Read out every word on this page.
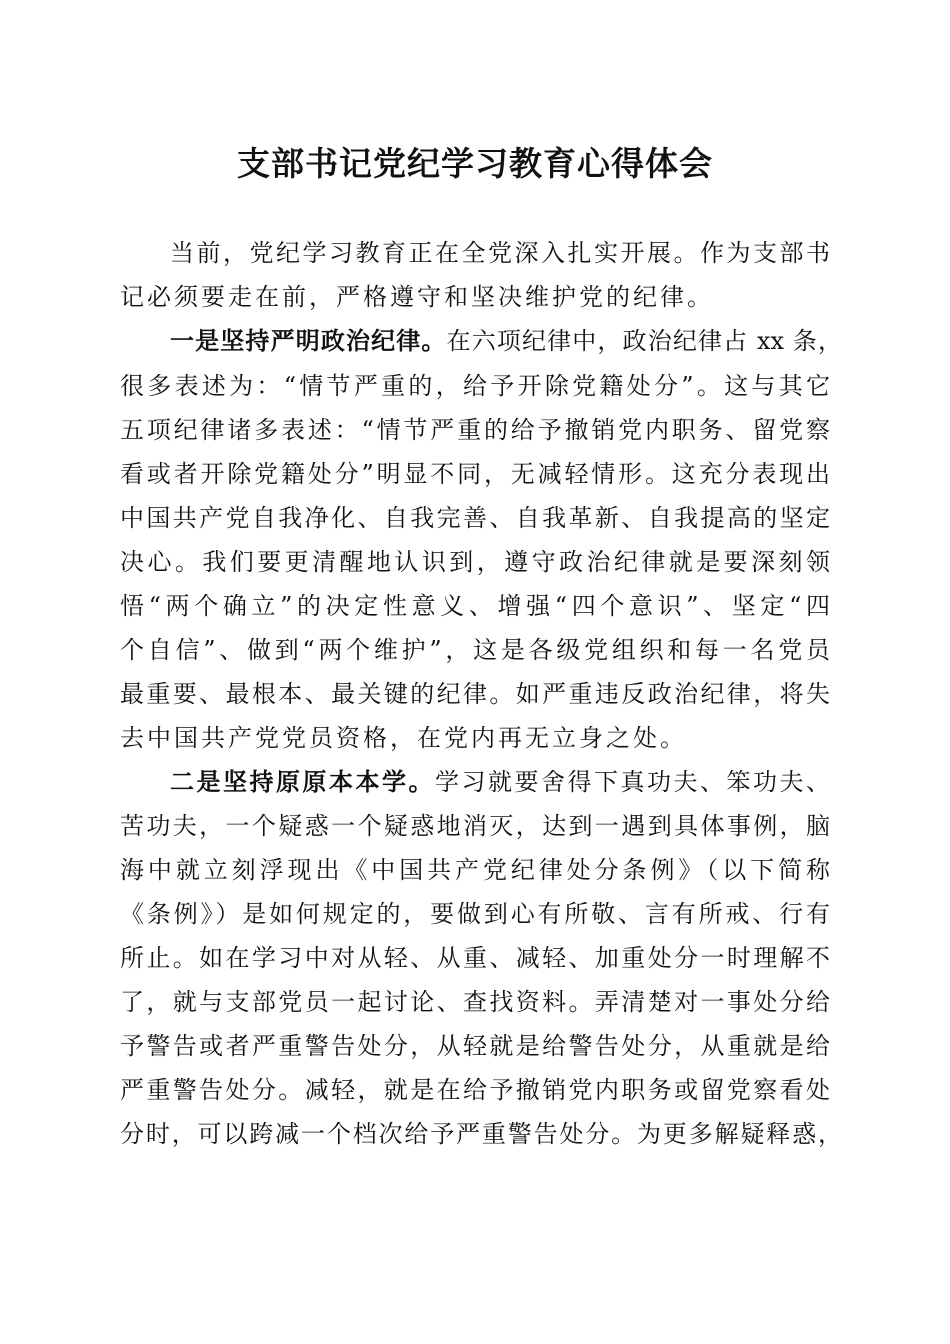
支部书记党纪学习教育心得体会
当前，党纪学习教育正在全党深入扎实开展。作为支部书
记必须要走在前，严格遵守和坚决维护党的纪律。
一是坚持严明政治纪律。在六项纪律中，政治纪律占 xx 条，
很多表述为：“情节严重的，给予开除党籍处分”。这与其它
五项纪律诸多表述：“情节严重的给予撤销党内职务、留党察
看或者开除党籍处分”明显不同，无减轻情形。这充分表现出
中国共产党自我净化、自我完善、自我革新、自我提高的坚定
决心。我们要更清醒地认识到，遵守政治纪律就是要深刻领
悟“两个确立”的决定性意义、增强“四个意识”、坚定“四
个自信”、做到“两个维护”，这是各级党组织和每一名党员
最重要、最根本、最关键的纪律。如严重违反政治纪律，将失
去中国共产党党员资格，在党内再无立身之处。
二是坚持原原本本学。学习就要舍得下真功夫、笨功夫、
苦功夫，一个疑惑一个疑惑地消灭，达到一遇到具体事例，脑
海中就立刻浮现出《中国共产党纪律处分条例》（以下简称
《条例》）是如何规定的，要做到心有所敬、言有所戒、行有
所止。如在学习中对从轻、从重、减轻、加重处分一时理解不
了，就与支部党员一起讨论、查找资料。弄清楚对一事处分给
予警告或者严重警告处分，从轻就是给警告处分，从重就是给
严重警告处分。减轻，就是在给予撤销党内职务或留党察看处
分时，可以跨减一个档次给予严重警告处分。为更多解疑释惑，
